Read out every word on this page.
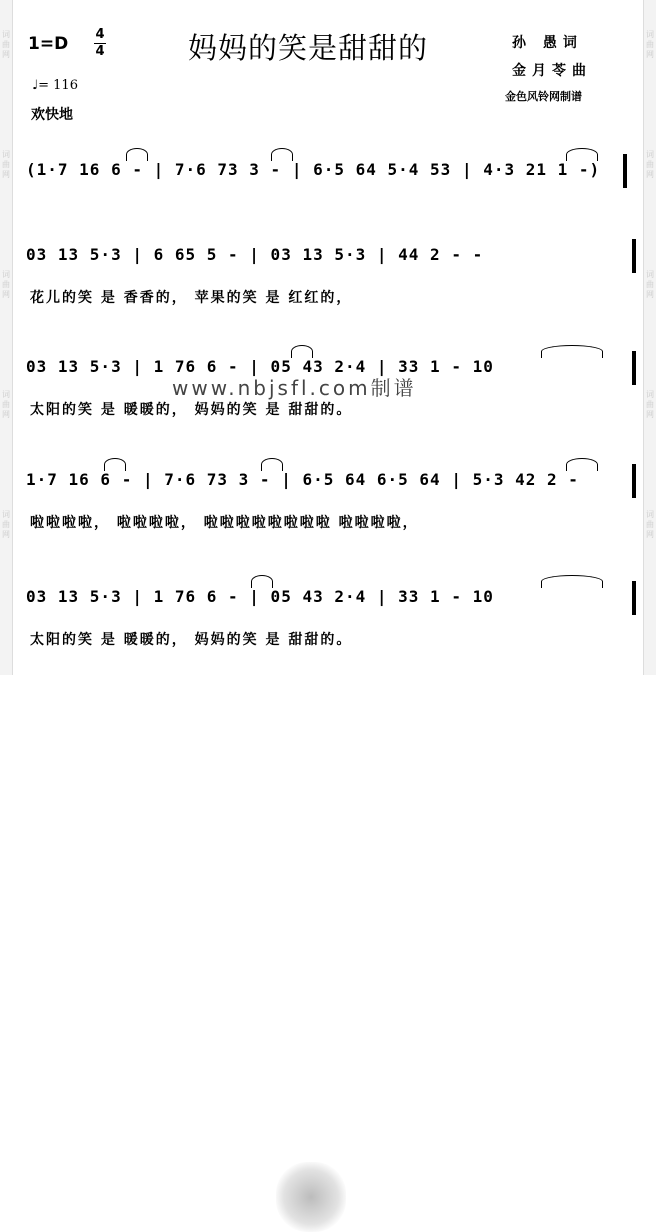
词曲网
词曲网
词曲网
词曲网
词曲网
词曲网
词曲网
词曲网
词曲网
词曲网
1=D 4
4
♩= 116
欢快地
妈妈的笑是甜甜的	孙 愚词
金月苓曲
金色风铃网制谱
(1·7 16 6 - | 7·6 73 3 - | 6·5 64 5·4 53 | 4·3 21 1 -)
03 13 5·3 | 6 65 5 - | 03 13 5·3 | 44 2 - -
花儿的笑 是 香香的， 苹果的笑 是 红红的，
03 13 5·3 | 1 76 6 - | 05 43 2·4 | 33 1 - 10
太阳的笑 是 暖暖的， 妈妈的笑 是 甜甜的。
1·7 16 6 - | 7·6 73 3 - | 6·5 64 6·5 64 | 5·3 42 2 -
啦啦啦啦， 啦啦啦啦， 啦啦啦啦啦啦啦啦 啦啦啦啦，
03 13 5·3 | 1 76 6 - | 05 43 2·4 | 33 1 - 10
太阳的笑 是 暖暖的， 妈妈的笑 是 甜甜的。
www.nbjsfl.com制谱
